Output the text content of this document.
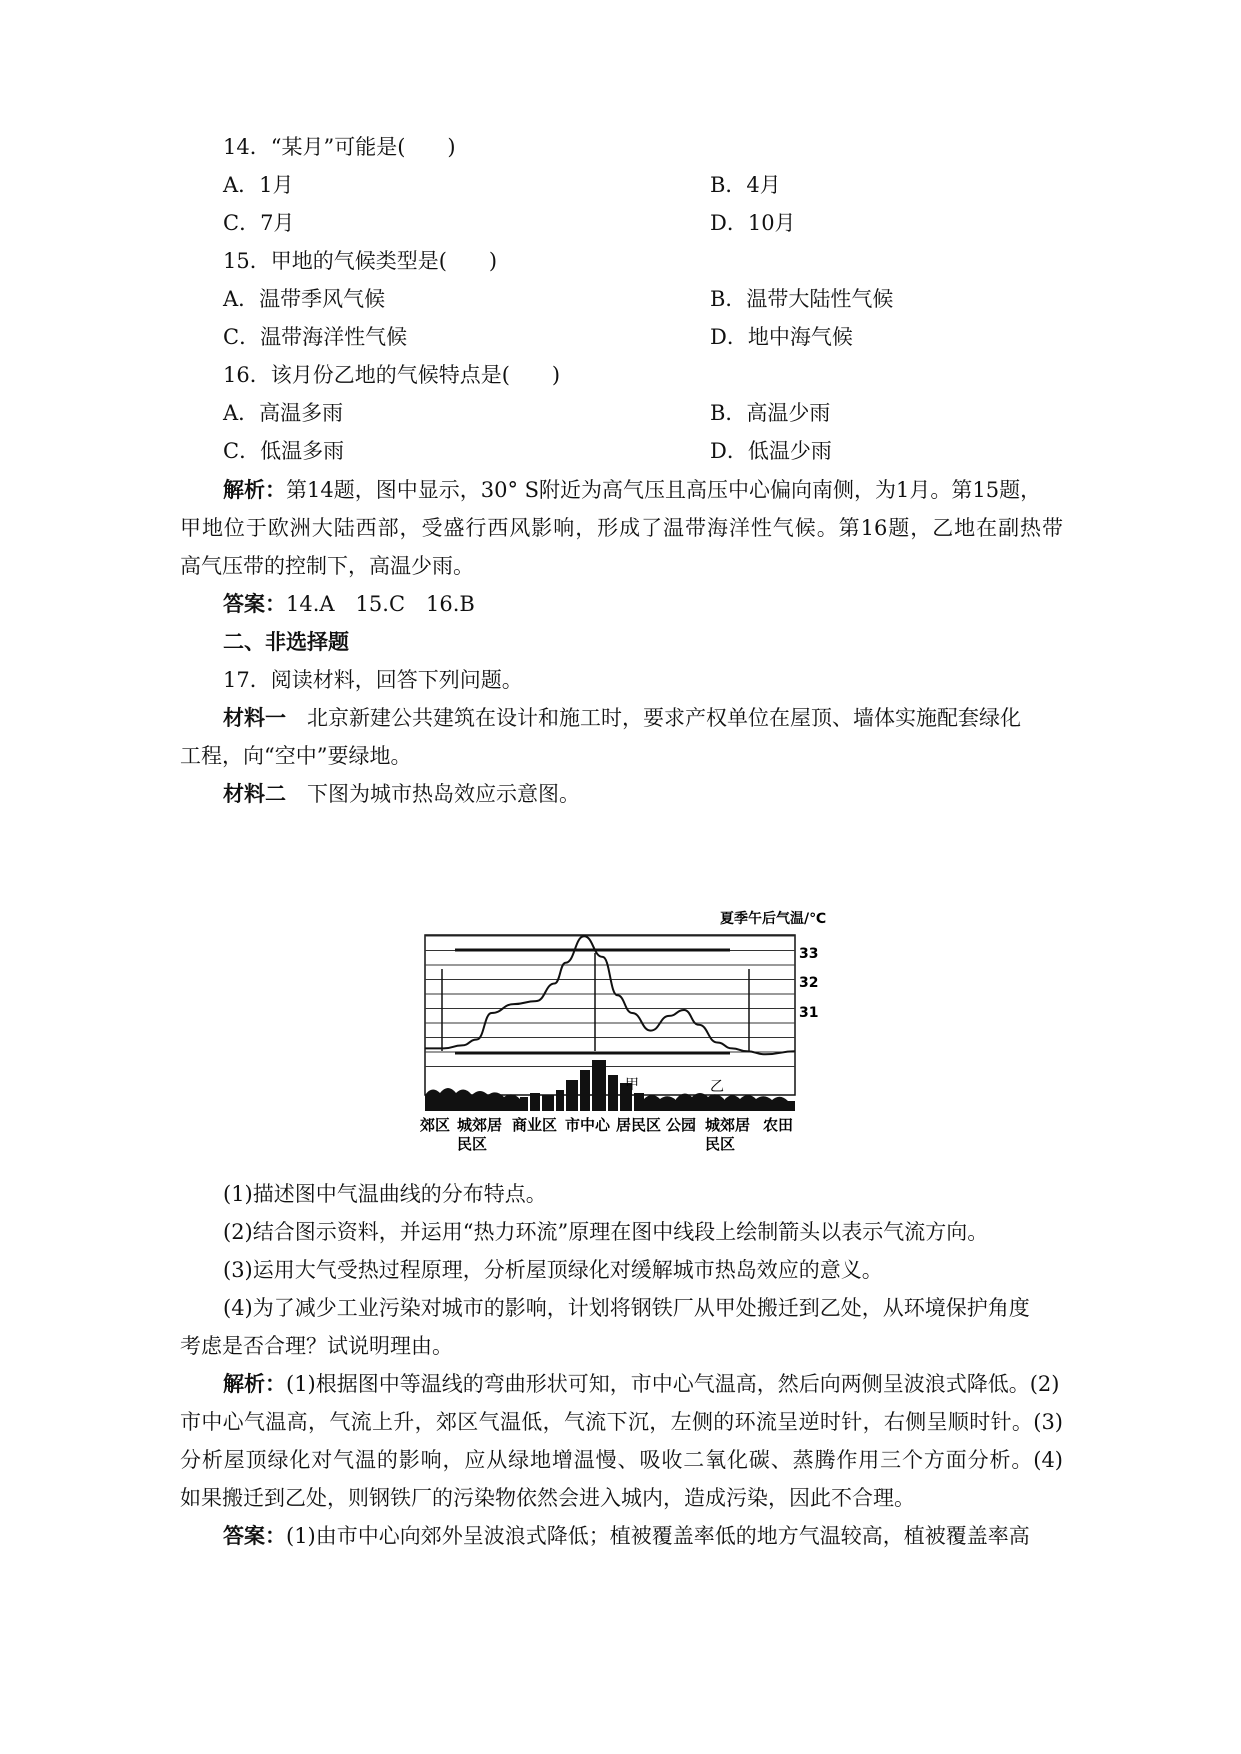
14．“某月”可能是(　　)
A．1月	B．4月
C．7月	D．10月
15．甲地的气候类型是(　　)
A．温带季风气候	B．温带大陆性气候
C．温带海洋性气候	D．地中海气候
16．该月份乙地的气候特点是(　　)
A．高温多雨	B．高温少雨
C．低温多雨	D．低温少雨
解析：第14题，图中显示，30° S附近为高气压且高压中心偏向南侧，为1月。第15题，
甲地位于欧洲大陆西部，受盛行西风影响，形成了温带海洋性气候。第16题，乙地在副热带
高气压带的控制下，高温少雨。
答案：14.A　15.C　16.B
二、非选择题
17．阅读材料，回答下列问题。
材料一　北京新建公共建筑在设计和施工时，要求产权单位在屋顶、墙体实施配套绿化
工程，向“空中”要绿地。
材料二　下图为城市热岛效应示意图。
夏季午后气温/℃
33
32
31
甲	乙
郊区 城郊居
民区
商业区 市中心 居民区 公园 城郊居
民区
农田
(1)描述图中气温曲线的分布特点。
(2)结合图示资料，并运用“热力环流”原理在图中线段上绘制箭头以表示气流方向。
(3)运用大气受热过程原理，分析屋顶绿化对缓解城市热岛效应的意义。
(4)为了减少工业污染对城市的影响，计划将钢铁厂从甲处搬迁到乙处，从环境保护角度
考虑是否合理？试说明理由。
解析：(1)根据图中等温线的弯曲形状可知，市中心气温高，然后向两侧呈波浪式降低。(2)
市中心气温高，气流上升，郊区气温低，气流下沉，左侧的环流呈逆时针，右侧呈顺时针。(3)
分析屋顶绿化对气温的影响，应从绿地增温慢、吸收二氧化碳、蒸腾作用三个方面分析。(4)
如果搬迁到乙处，则钢铁厂的污染物依然会进入城内，造成污染，因此不合理。
答案：(1)由市中心向郊外呈波浪式降低；植被覆盖率低的地方气温较高，植被覆盖率高
